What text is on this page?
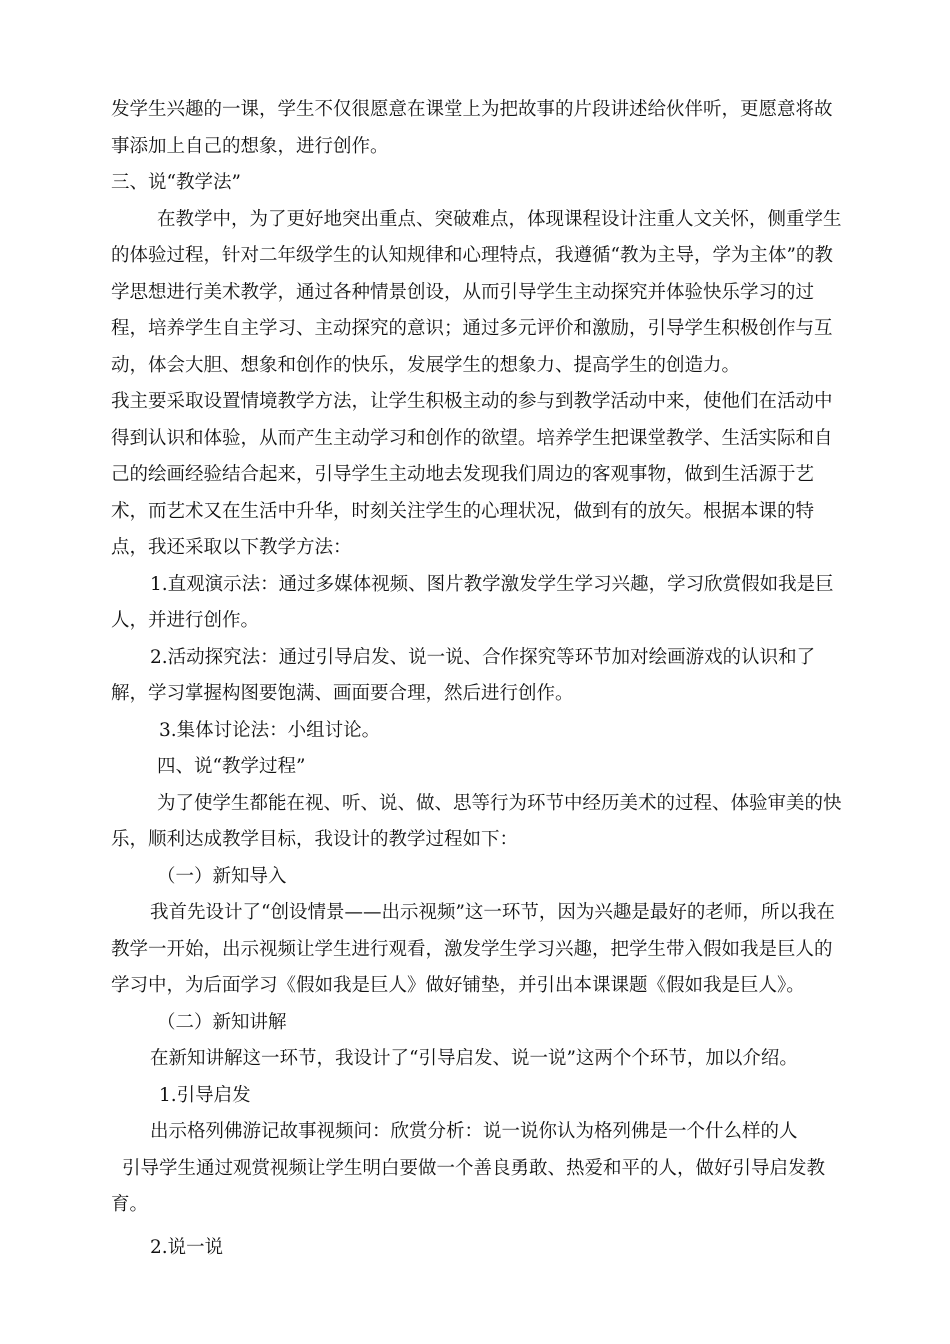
发学生兴趣的一课，学生不仅很愿意在课堂上为把故事的片段讲述给伙伴听，更愿意将故事添加上自己的想象，进行创作。

三、说“教学法”

在教学中，为了更好地突出重点、突破难点，体现课程设计注重人文关怀，侧重学生的体验过程，针对二年级学生的认知规律和心理特点，我遵循“教为主导，学为主体”的教学思想进行美术教学，通过各种情景创设，从而引导学生主动探究并体验快乐学习的过程，培养学生自主学习、主动探究的意识；通过多元评价和激励，引导学生积极创作与互动，体会大胆、想象和创作的快乐，发展学生的想象力、提高学生的创造力。

我主要采取设置情境教学方法，让学生积极主动的参与到教学活动中来，使他们在活动中得到认识和体验，从而产生主动学习和创作的欲望。培养学生把课堂教学、生活实际和自己的绘画经验结合起来，引导学生主动地去发现我们周边的客观事物，做到生活源于艺术，而艺术又在生活中升华，时刻关注学生的心理状况，做到有的放矢。根据本课的特点，我还采取以下教学方法：

1.直观演示法：通过多媒体视频、图片教学激发学生学习兴趣，学习欣赏假如我是巨人，并进行创作。

2.活动探究法：通过引导启发、说一说、合作探究等环节加对绘画游戏的认识和了解，学习掌握构图要饱满、画面要合理，然后进行创作。

3.集体讨论法：小组讨论。

四、说“教学过程”

为了使学生都能在视、听、说、做、思等行为环节中经历美术的过程、体验审美的快乐，顺利达成教学目标，我设计的教学过程如下：

（一）新知导入

我首先设计了“创设情景——出示视频”这一环节，因为兴趣是最好的老师，所以我在教学一开始，出示视频让学生进行观看，激发学生学习兴趣，把学生带入假如我是巨人的学习中，为后面学习《假如我是巨人》做好铺垫，并引出本课课题《假如我是巨人》。

（二）新知讲解

在新知讲解这一环节，我设计了“引导启发、说一说”这两个个环节，加以介绍。

1.引导启发

出示格列佛游记故事视频问：欣赏分析：说一说你认为格列佛是一个什么样的人

引导学生通过观赏视频让学生明白要做一个善良勇敢、热爱和平的人，做好引导启发教育。

2.说一说
